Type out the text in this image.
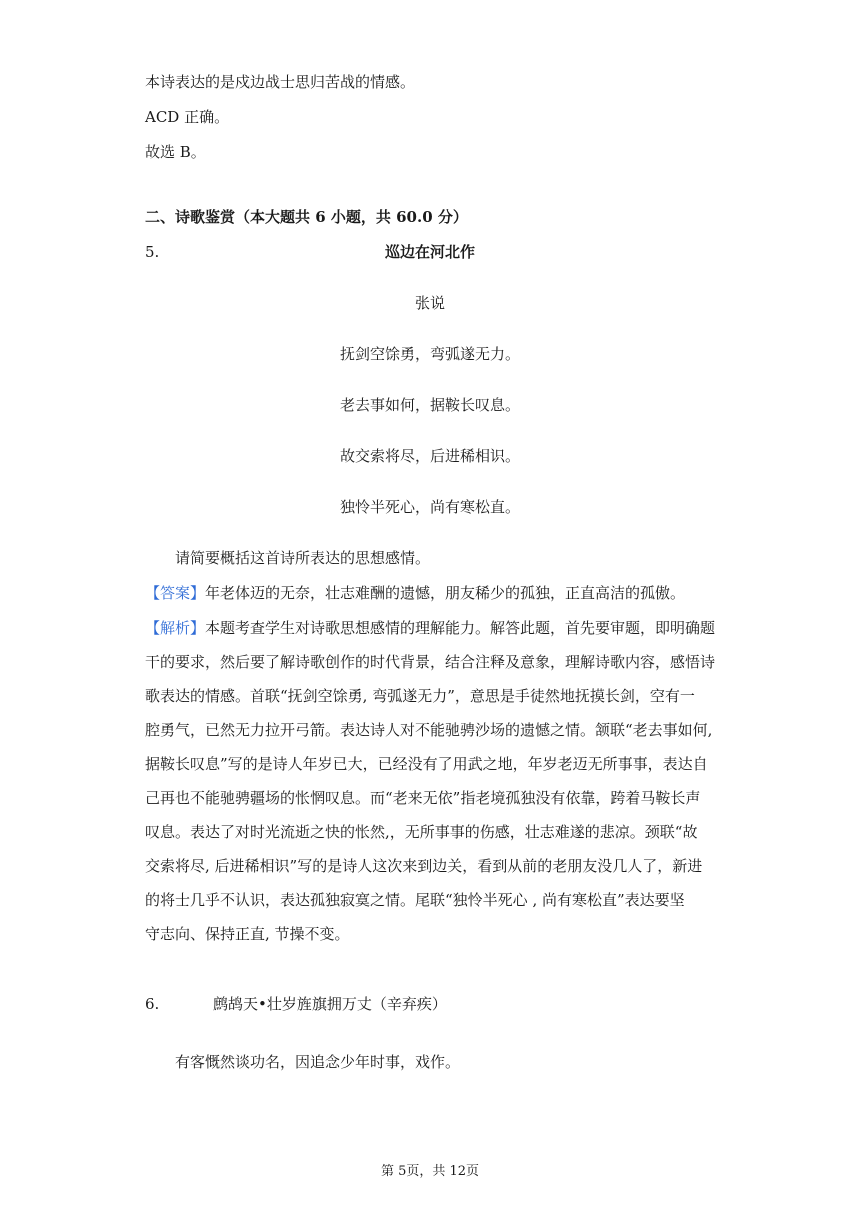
本诗表达的是戍边战士思归苦战的情感。
ACD 正确。
故选 B。
二、诗歌鉴赏（本大题共 6 小题，共 60.0 分）
5.	巡边在河北作
张说
抚剑空馀勇，弯弧遂无力。
老去事如何，据鞍长叹息。
故交索将尽，后进稀相识。
独怜半死心，尚有寒松直。
请简要概括这首诗所表达的思想感情。
【答案】年老体迈的无奈，壮志难酬的遗憾，朋友稀少的孤独，正直高洁的孤傲。
【解析】本题考查学生对诗歌思想感情的理解能力。解答此题，首先要审题，即明确题
干的要求，然后要了解诗歌创作的时代背景，结合注释及意象，理解诗歌内容，感悟诗
歌表达的情感。首联“抚剑空馀勇, 弯弧遂无力”，意思是手徒然地抚摸长剑，空有一
腔勇气，已然无力拉开弓箭。表达诗人对不能驰骋沙场的遗憾之情。颔联“老去事如何,
据鞍长叹息”写的是诗人年岁已大，已经没有了用武之地，年岁老迈无所事事，表达自
己再也不能驰骋疆场的怅惘叹息。而“老来无依”指老境孤独没有依靠，跨着马鞍长声
叹息。表达了对时光流逝之快的怅然,，无所事事的伤感，壮志难遂的悲凉。颈联“故
交索将尽, 后进稀相识”写的是诗人这次来到边关，看到从前的老朋友没几人了，新进
的将士几乎不认识，表达孤独寂寞之情。尾联“独怜半死心 , 尚有寒松直”表达要坚
守志向、保持正直, 节操不变。
6.	鹧鸪天•壮岁旌旗拥万丈（辛弃疾）
有客慨然谈功名，因追念少年时事，戏作。
第 5页，共 12页
